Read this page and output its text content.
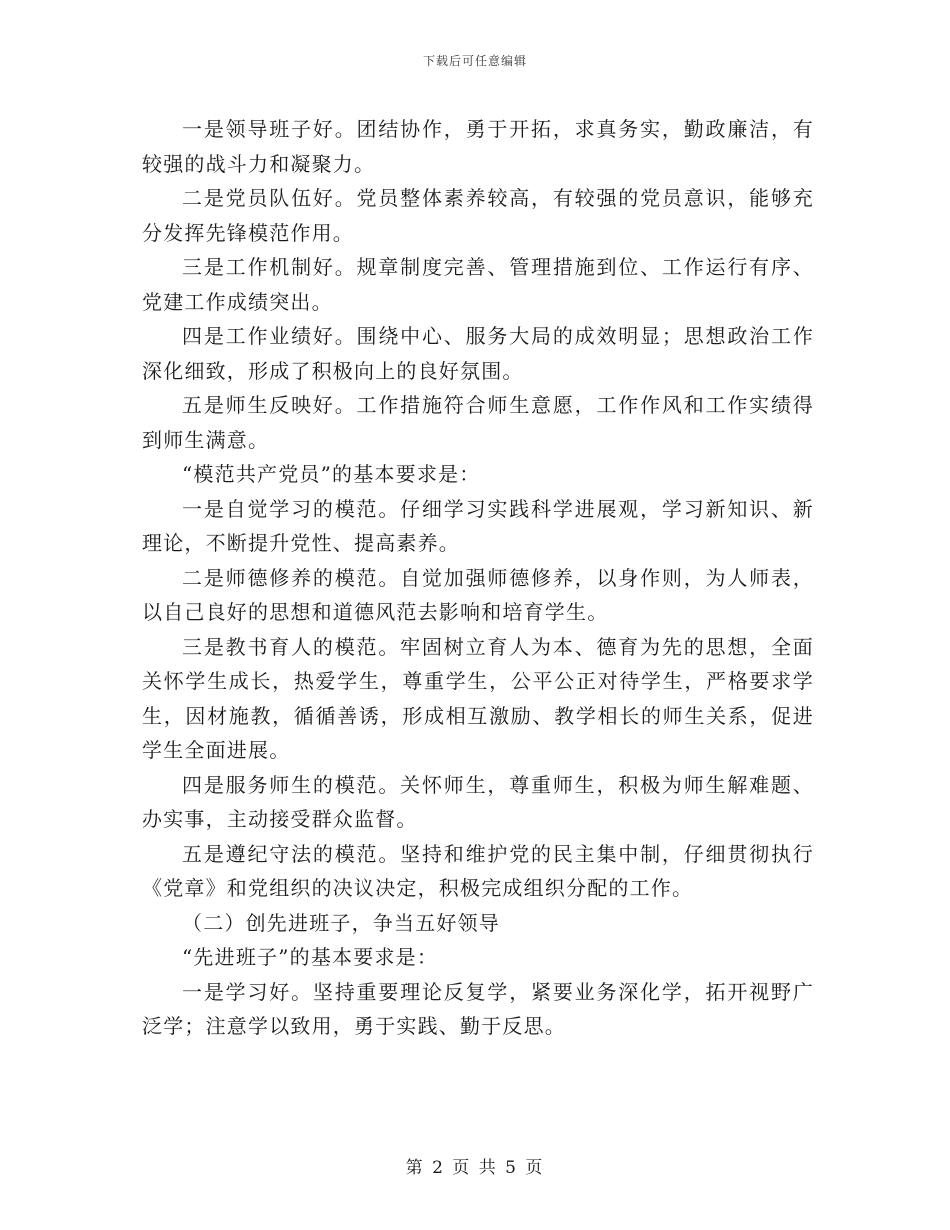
下载后可任意编辑

一是领导班子好。团结协作，勇于开拓，求真务实，勤政廉洁，有较强的战斗力和凝聚力。

二是党员队伍好。党员整体素养较高，有较强的党员意识，能够充分发挥先锋模范作用。

三是工作机制好。规章制度完善、管理措施到位、工作运行有序、党建工作成绩突出。

四是工作业绩好。围绕中心、服务大局的成效明显；思想政治工作深化细致，形成了积极向上的良好氛围。

五是师生反映好。工作措施符合师生意愿，工作作风和工作实绩得到师生满意。

“模范共产党员”的基本要求是：

一是自觉学习的模范。仔细学习实践科学进展观，学习新知识、新理论，不断提升党性、提高素养。

二是师德修养的模范。自觉加强师德修养，以身作则，为人师表，以自己良好的思想和道德风范去影响和培育学生。

三是教书育人的模范。牢固树立育人为本、德育为先的思想，全面关怀学生成长，热爱学生，尊重学生，公平公正对待学生，严格要求学生，因材施教，循循善诱，形成相互激励、教学相长的师生关系，促进学生全面进展。

四是服务师生的模范。关怀师生，尊重师生，积极为师生解难题、办实事，主动接受群众监督。

五是遵纪守法的模范。坚持和维护党的民主集中制，仔细贯彻执行《党章》和党组织的决议决定，积极完成组织分配的工作。

（二）创先进班子，争当五好领导

“先进班子”的基本要求是：

一是学习好。坚持重要理论反复学，紧要业务深化学，拓开视野广泛学；注意学以致用，勇于实践、勤于反思。

第 2 页 共 5 页
